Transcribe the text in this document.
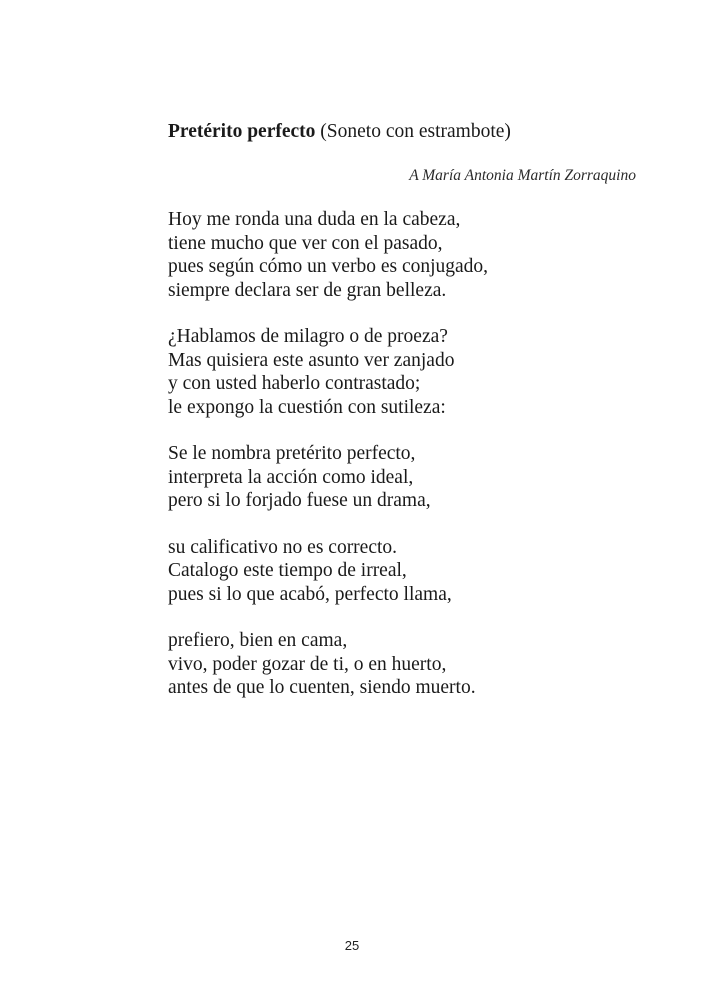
Pretérito perfecto (Soneto con estrambote)
A María Antonia Martín Zorraquino
Hoy me ronda una duda en la cabeza,
tiene mucho que ver con el pasado,
pues según cómo un verbo es conjugado,
siempre declara ser de gran belleza.
¿Hablamos de milagro o de proeza?
Mas quisiera este asunto ver zanjado
y con usted haberlo contrastado;
le expongo la cuestión con sutileza:
Se le nombra pretérito perfecto,
interpreta la acción como ideal,
pero si lo forjado fuese un drama,
su calificativo no es correcto.
Catalogo este tiempo de irreal,
pues si lo que acabó, perfecto llama,
prefiero, bien en cama,
vivo, poder gozar de ti, o en huerto,
antes de que lo cuenten, siendo muerto.
25
